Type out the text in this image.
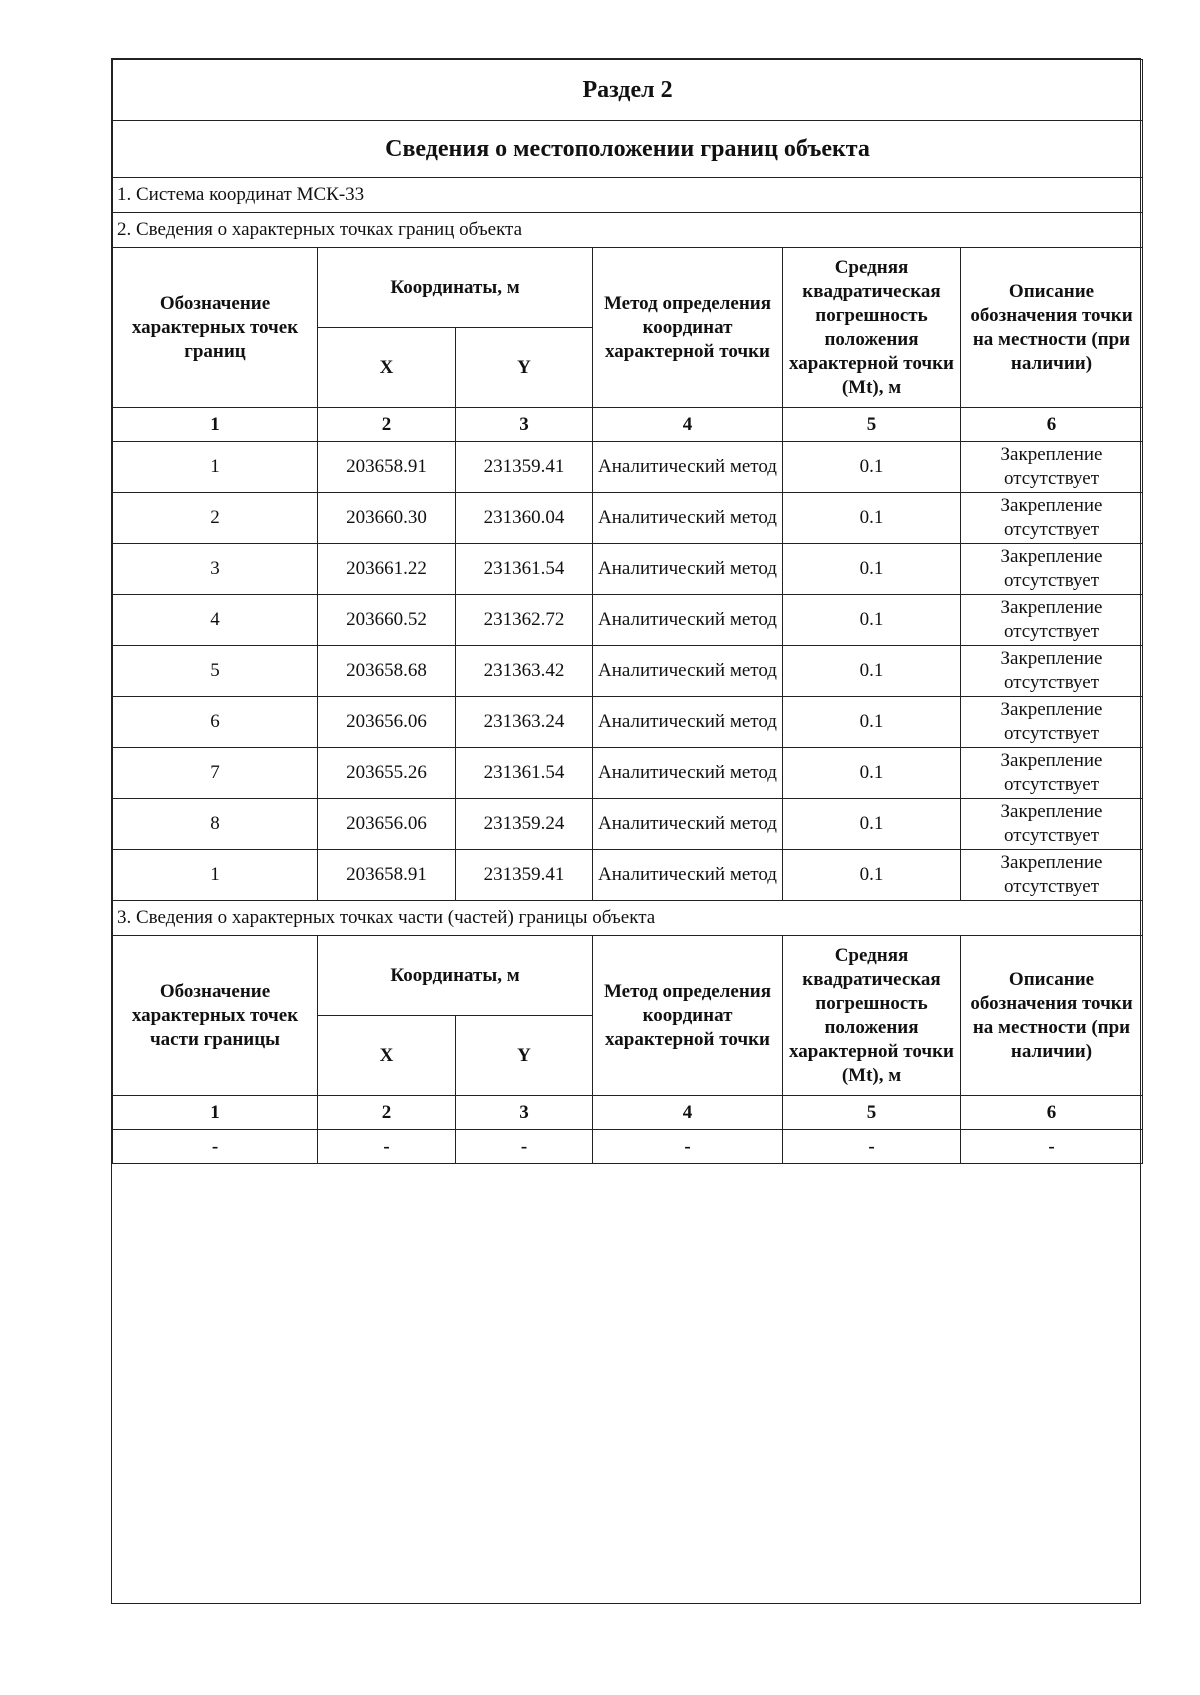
Раздел 2					
Сведения о местоположении границ объекта					
1. Система координат МСК-33					
2. Сведения о характерных точках границ объекта					
Обозначение характерных точек границ	Координаты, м		Метод определения координат характерной точки	Средняя квадратическая погрешность положения характерной точки (Mt), м	Описание обозначения точки на местности (при наличии)
	X	Y			
1	2	3	4	5	6
1	203658.91	231359.41	Аналитический метод	0.1	Закрепление отсутствует
2	203660.30	231360.04	Аналитический метод	0.1	Закрепление отсутствует
3	203661.22	231361.54	Аналитический метод	0.1	Закрепление отсутствует
4	203660.52	231362.72	Аналитический метод	0.1	Закрепление отсутствует
5	203658.68	231363.42	Аналитический метод	0.1	Закрепление отсутствует
6	203656.06	231363.24	Аналитический метод	0.1	Закрепление отсутствует
7	203655.26	231361.54	Аналитический метод	0.1	Закрепление отсутствует
8	203656.06	231359.24	Аналитический метод	0.1	Закрепление отсутствует
1	203658.91	231359.41	Аналитический метод	0.1	Закрепление отсутствует
3. Сведения о характерных точках части (частей) границы объекта					
Обозначение характерных точек части границы	Координаты, м		Метод определения координат характерной точки	Средняя квадратическая погрешность положения характерной точки (Mt), м	Описание обозначения точки на местности (при наличии)
	X	Y			
1	2	3	4	5	6
-	-	-	-	-	-
